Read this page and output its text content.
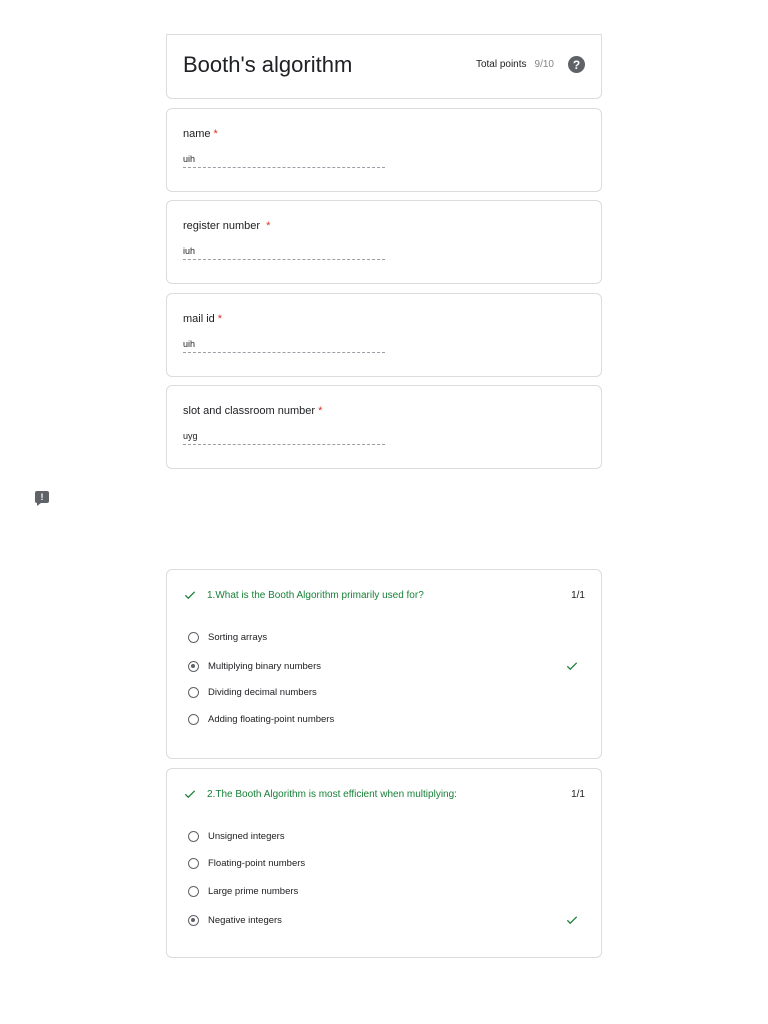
Booth's algorithm	Total points 9/10	?
name *
uih
register number *
iuh
mail id *
uih
slot and classroom number *
uyg
!
1.What is the Booth Algorithm primarily used for?	1/1
Sorting arrays
Multiplying binary numbers
Dividing decimal numbers
Adding floating-point numbers
2.The Booth Algorithm is most efficient when multiplying:	1/1
Unsigned integers
Floating-point numbers
Large prime numbers
Negative integers
